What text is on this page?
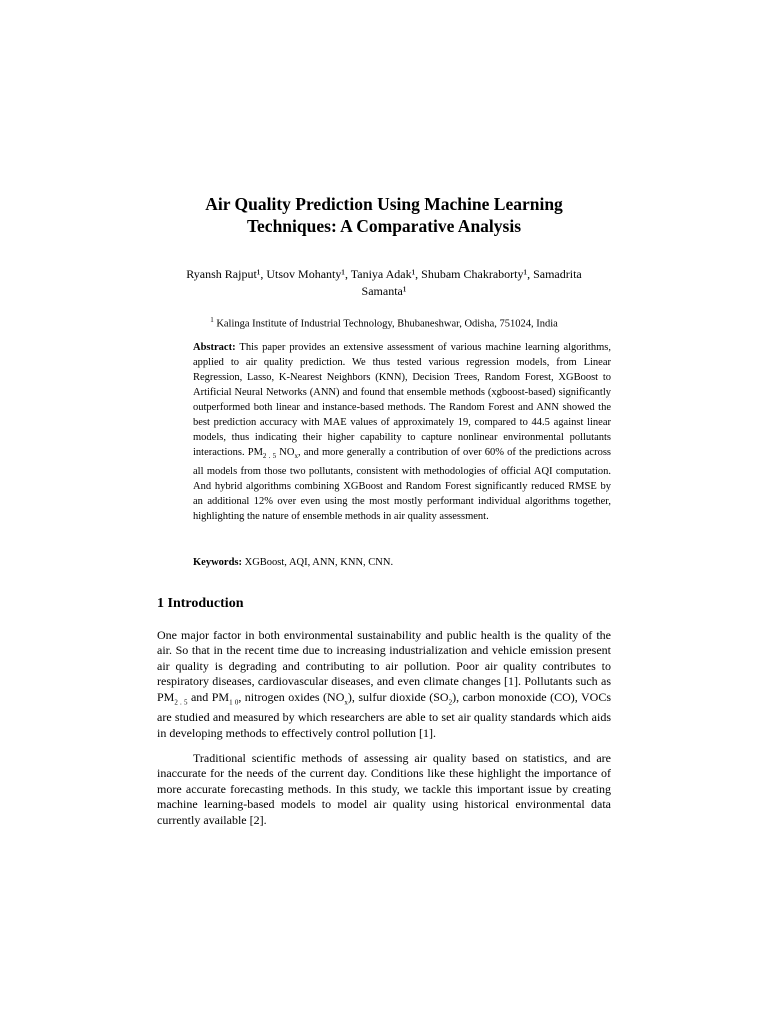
Air Quality Prediction Using Machine Learning
Techniques: A Comparative Analysis
Ryansh Rajput¹, Utsov Mohanty¹, Taniya Adak¹, Shubam Chakraborty¹, Samadrita Samanta¹
$^1$ Kalinga Institute of Industrial Technology, Bhubaneshwar, Odisha, 751024, India
Abstract: This paper provides an extensive assessment of various machine learning algorithms, applied to air quality prediction. We thus tested various regression models, from Linear Regression, Lasso, K-Nearest Neighbors (KNN), Decision Trees, Random Forest, XGBoost to Artificial Neural Networks (ANN) and found that ensemble methods (xgboost-based) significantly outperformed both linear and instance-based methods. The Random Forest and ANN showed the best prediction accuracy with MAE values of approximately 19, compared to 44.5 against linear models, thus indicating their higher capability to capture nonlinear environmental pollutants interactions. $PM_{2 . 5}$ $NO_x$, and more generally a contribution of over 60% of the predictions across all models from those two pollutants, consistent with methodologies of official AQI computation. And hybrid algorithms combining XGBoost and Random Forest significantly reduced RMSE by an additional 12% over even using the most mostly performant individual algorithms together, highlighting the nature of ensemble methods in air quality assessment.
Keywords: XGBoost, AQI, ANN, KNN, CNN.
1 Introduction
One major factor in both environmental sustainability and public health is the quality of the air. So that in the recent time due to increasing industrialization and vehicle emission present air quality is degrading and contributing to air pollution. Poor air quality contributes to respiratory diseases, cardiovascular diseases, and even climate changes [1]. Pollutants such as $PM_{2 . 5}$ and $PM_{1 0}$, nitrogen oxides $(NO_x)$, sulfur dioxide $(SO_2)$, carbon monoxide (CO), VOCs are studied and measured by which researchers are able to set air quality standards which aids in developing methods to effectively control pollution [1].
Traditional scientific methods of assessing air quality based on statistics, and are inaccurate for the needs of the current day. Conditions like these highlight the importance of more accurate forecasting methods. In this study, we tackle this important issue by creating machine learning-based models to model air quality using historical environmental data currently available [2].
